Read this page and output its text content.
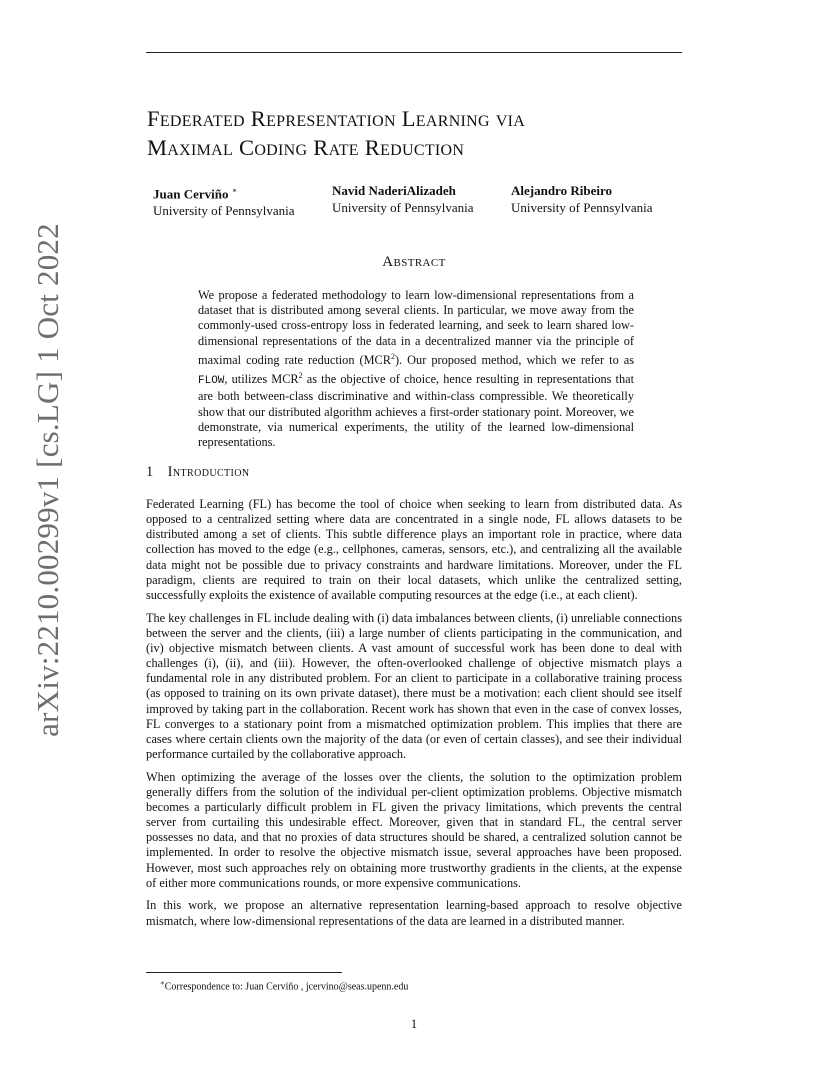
arXiv:2210.00299v1 [cs.LG] 1 Oct 2022
Federated Representation Learning via
Maximal Coding Rate Reduction
Juan Cerviño ∗
University of Pennsylvania
Navid NaderiAlizadeh
University of Pennsylvania
Alejandro Ribeiro
University of Pennsylvania
Abstract
We propose a federated methodology to learn low-dimensional representations from a dataset that is distributed among several clients. In particular, we move away from the commonly-used cross-entropy loss in federated learning, and seek to learn shared low-dimensional representations of the data in a decentralized manner via the principle of maximal coding rate reduction (MCR$^2$). Our proposed method, which we refer to as FLOW, utilizes MCR$^2$ as the objective of choice, hence resulting in representations that are both between-class discriminative and within-class compressible. We theoretically show that our distributed algorithm achieves a first-order stationary point. Moreover, we demonstrate, via numerical experiments, the utility of the learned low-dimensional representations.
1 Introduction

Federated Learning (FL) has become the tool of choice when seeking to learn from distributed data. As opposed to a centralized setting where data are concentrated in a single node, FL allows datasets to be distributed among a set of clients. This subtle difference plays an important role in practice, where data collection has moved to the edge (e.g., cellphones, cameras, sensors, etc.), and centralizing all the available data might not be possible due to privacy constraints and hardware limitations. Moreover, under the FL paradigm, clients are required to train on their local datasets, which unlike the centralized setting, successfully exploits the existence of available computing resources at the edge (i.e., at each client).

The key challenges in FL include dealing with (i) data imbalances between clients, (i) unreliable connections between the server and the clients, (iii) a large number of clients participating in the communication, and (iv) objective mismatch between clients. A vast amount of successful work has been done to deal with challenges (i), (ii), and (iii). However, the often-overlooked challenge of objective mismatch plays a fundamental role in any distributed problem. For an client to participate in a collaborative training process (as opposed to training on its own private dataset), there must be a motivation: each client should see itself improved by taking part in the collaboration. Recent work has shown that even in the case of convex losses, FL converges to a stationary point from a mismatched optimization problem. This implies that there are cases where certain clients own the majority of the data (or even of certain classes), and see their individual performance curtailed by the collaborative approach.

When optimizing the average of the losses over the clients, the solution to the optimization problem generally differs from the solution of the individual per-client optimization problems. Objective mismatch becomes a particularly difficult problem in FL given the privacy limitations, which prevents the central server from curtailing this undesirable effect. Moreover, given that in standard FL, the central server possesses no data, and that no proxies of data structures should be shared, a centralized solution cannot be implemented. In order to resolve the objective mismatch issue, several approaches have been proposed. However, most such approaches rely on obtaining more trustworthy gradients in the clients, at the expense of either more communications rounds, or more expensive communications.

In this work, we propose an alternative representation learning-based approach to resolve objective mismatch, where low-dimensional representations of the data are learned in a distributed manner.

∗Correspondence to: Juan Cerviño , jcervino@seas.upenn.edu
1
